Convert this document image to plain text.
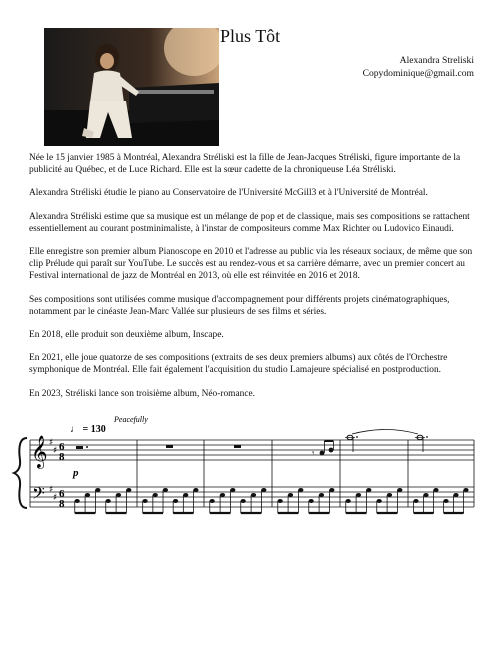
Plus Tôt
Alexandra Streliski
Copydominique@gmail.com

Née le 15 janvier 1985 à Montréal, Alexandra Stréliski est la fille de Jean-Jacques Stréliski, figure importante de la publicité au Québec, et de Luce Richard. Elle est la sœur cadette de la chroniqueuse Léa Stréliski.

Alexandra Stréliski étudie le piano au Conservatoire de l'Université McGill3 et à l'Université de Montréal.

Alexandra Stréliski estime que sa musique est un mélange de pop et de classique, mais ses compositions se rattachent essentiellement au courant postminimaliste, à l'instar de compositeurs comme Max Richter ou Ludovico Einaudi.

Elle enregistre son premier album Pianoscope en 2010 et l'adresse au public via les réseaux sociaux, de même que son clip Prélude qui paraît sur YouTube. Le succès est au rendez-vous et sa carrière démarre, avec un premier concert au Festival international de jazz de Montréal en 2013, où elle est réinvitée en 2016 et 2018.

Ses compositions sont utilisées comme musique d'accompagnement pour différents projets cinématographiques, notamment par le cinéaste Jean-Marc Vallée sur plusieurs de ses films et séries.

En 2018, elle produit son deuxième album, Inscape.

En 2021, elle joue quatorze de ses compositions (extraits de ses deux premiers albums) aux côtés de l'Orchestre symphonique de Montréal. Elle fait également l'acquisition du studio Lamajeure spécialisé en postproduction.

En 2023, Stréliski lance son troisième album, Néo-romance.

♩ = 130
Peacefully
𝄞
𝄢
♯
♯
♯
♯
6
8
6
8
p
𝄾
